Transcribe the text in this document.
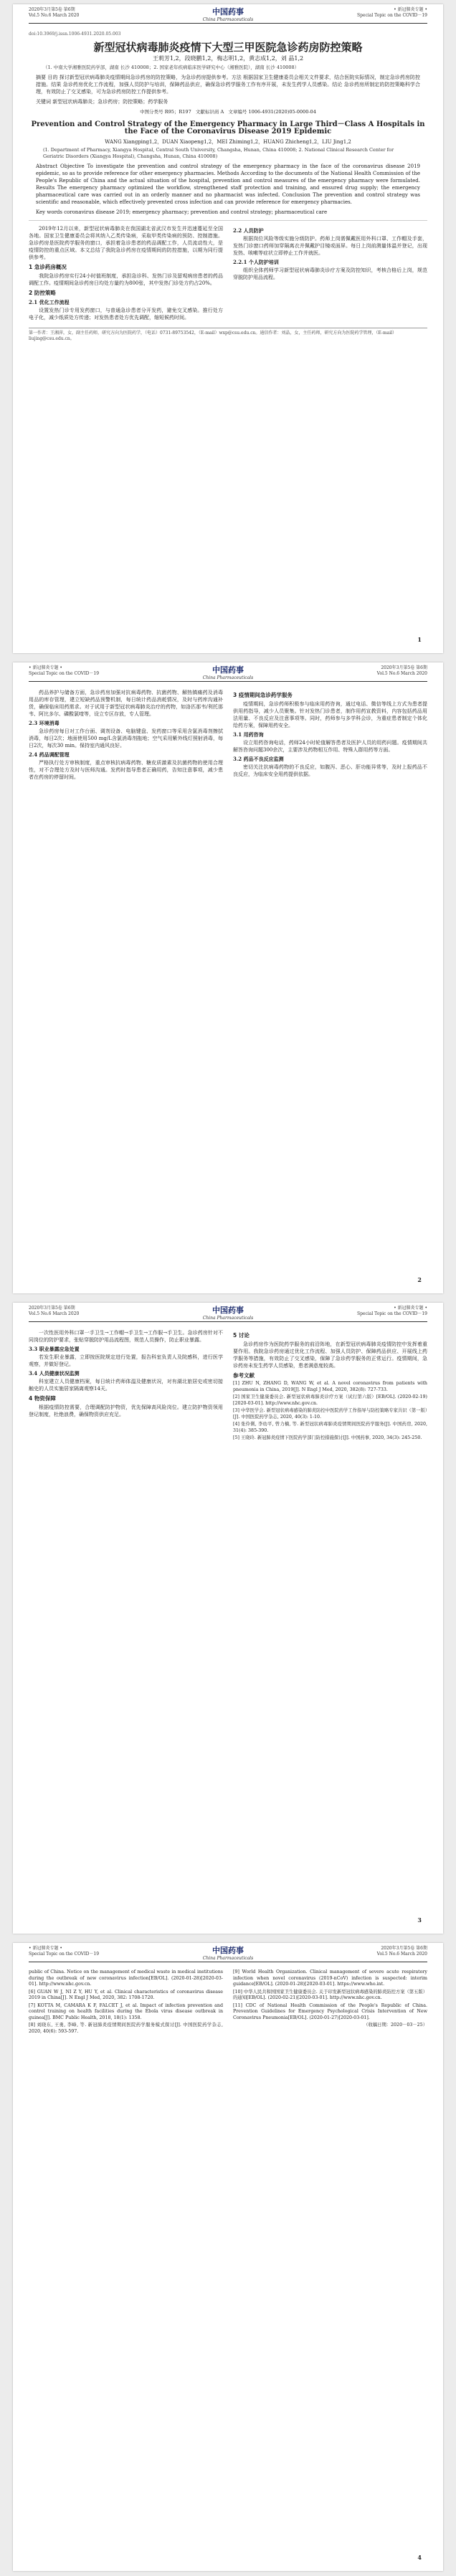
2020年3月第5卷 第6期
Vol.5 No.6 March 2020	中国药事
China Pharmaceuticals
• 新冠肺炎专题 •
Special Topic on the COVID－19
doi:10.3969/j.issn.1006-4931.2020.05.003
新型冠状病毒肺炎疫情下大型三甲医院急诊药房防控策略
王莉芳1,2，段晓鹏1,2，梅志明1,2，黄志成1,2，刘 晶1,2
（1. 中南大学湘雅医院药学部，湖南 长沙 410008；2. 国家老年疾病临床医学研究中心（湘雅医院），湖南 长沙 410008）
摘要 目的 探讨新型冠状病毒肺炎疫情期间急诊药房的防控策略，为急诊药房提供参考。方法 根据国家卫生健康委员会相关文件要求，结合医院实际情况，制定急诊药房防控措施。结果 急诊药房优化工作流程，加强人员防护与培训，保障药品供应，确保急诊药学服务工作有序开展，未发生药学人员感染。结论 急诊药房所制定的防控策略科学合理，有效防止了交叉感染，可为急诊药房防控工作提供参考。
关键词 新型冠状病毒肺炎；急诊药房；防控策略；药学服务
中图分类号 R95；R197 文献标识码 A 文章编号 1006-4931(2020)05-0000-04
Prevention and Control Strategy of the Emergency Pharmacy in Large Third－Class A Hospitals in the Face of the Coronavirus Disease 2019 Epidemic
WANG Xiangping1,2，DUAN Xiaopeng1,2，MEI Zhiming1,2，HUANG Zhicheng1,2，LIU Jing1,2
(1. Department of Pharmacy, Xiangya Hospital, Central South University, Changsha, Hunan, China 410008; 2. National Clinical Research Center for Geriatric Disorders (Xiangya Hospital), Changsha, Hunan, China 410008)
Abstract Objective To investigate the prevention and control strategy of the emergency pharmacy in the face of the coronavirus disease 2019 epidemic, so as to provide reference for other emergency pharmacies. Methods According to the documents of the National Health Commission of the People's Republic of China and the actual situation of the hospital, prevention and control measures of the emergency pharmacy were formulated. Results The emergency pharmacy optimized the workflow, strengthened staff protection and training, and ensured drug supply; the emergency pharmaceutical care was carried out in an orderly manner and no pharmacist was infected. Conclusion The prevention and control strategy was scientific and reasonable, which effectively prevented cross infection and can provide reference for emergency pharmacies.
Key words coronavirus disease 2019; emergency pharmacy; prevention and control strategy; pharmaceutical care

2019年12月以来，新型冠状病毒肺炎在我国湖北省武汉市发生并迅速蔓延至全国各地。国家卫生健康委员会将其纳入乙类传染病，采取甲类传染病的预防、控制措施。急诊药房是医院药学服务的窗口，承担着急诊患者的药品调配工作，人员流动性大，是疫情防控的重点区域。本文总结了我院急诊药房在疫情期间的防控措施，以期为同行提供参考。

1 急诊药房概况

我院急诊药房实行24小时值班制度，承担急诊科、发热门诊及留观病房患者的药品调配工作。疫情期间急诊药房日均处方量约为800张，其中发热门诊处方约占20%。

2 防控策略
2.1 优化工作流程

设置发热门诊专用发药窗口，与普通急诊患者分开发药，避免交叉感染。推行处方电子化，减少纸质处方传递；对发热患者处方优先调配，缩短候药时间。

2.2 人员防护

根据岗位风险等级实施分级防护。药师上岗需佩戴医用外科口罩、工作帽及手套，发热门诊窗口药师加穿隔离衣并佩戴护目镜或面屏。每日上岗前测量体温并登记，出现发热、咳嗽等症状立即停止工作并就医。

2.2.1 个人防护培训

组织全体药师学习新型冠状病毒肺炎诊疗方案及防控知识，考核合格后上岗，规范穿脱防护用品流程。

第一作者：王湘萍，女，副主任药师，研究方向为医院药学，（电话）0731-89753542，（E-mail）wxp@csu.edu.cn。通信作者：刘晶，女，主任药师，研究方向为医院药学管理，（E-mail）liujing@csu.edu.cn。
1
• 新冠肺炎专题 •
Special Topic on the COVID－19	中国药事
China Pharmaceuticals
2020年3月第5卷 第6期
Vol.5 No.6 March 2020

药品养护与储备方面，急诊药房加强对抗病毒药物、抗菌药物、解热镇痛药及消毒用品的库存管理，建立短缺药品预警机制，每日统计药品消耗情况，及时与药库沟通补货，确保临床用药需求。对于试用于新型冠状病毒肺炎治疗的药物，如洛匹那韦/利托那韦、阿比多尔、磷酸氯喹等，设立专区存放，专人管理。

2.3 环境消毒

急诊药房每日对工作台面、调剂设备、电脑键盘、发药窗口等采用含氯消毒剂擦拭消毒，每日2次；地面使用500 mg/L含氯消毒剂拖地；空气采用紫外线灯照射消毒，每日2次，每次30 min。保持室内通风良好。

2.4 药品调配管理

严格执行处方审核制度，重点审核抗病毒药物、糖皮质激素及抗菌药物的使用合理性，对不合理处方及时与医师沟通。发药时指导患者正确用药，告知注意事项，减少患者在药房的停留时间。

3 疫情期间急诊药学服务

疫情期间，急诊药师积极参与临床用药咨询，通过电话、微信等线上方式为患者提供用药指导，减少人员聚集。针对发热门诊患者，制作用药宣教资料，内容包括药品用法用量、不良反应及注意事项等。同时，药师参与多学科会诊，为重症患者制定个体化给药方案，保障用药安全。

3.1 用药咨询

设立用药咨询电话，药师24小时轮值解答患者及医护人员的用药问题。疫情期间共解答咨询问题300余次，主要涉及药物相互作用、特殊人群用药等方面。

3.2 药品不良反应监测

密切关注抗病毒药物的不良反应，如腹泻、恶心、肝功能异常等，及时上报药品不良反应，为临床安全用药提供依据。

2
2020年3月第5卷 第6期
Vol.5 No.6 March 2020	中国药事
China Pharmaceuticals
• 新冠肺炎专题 •
Special Topic on the COVID－19

一次性医用外科口罩一手卫生→工作帽→手卫生→工作服→手卫生。急诊药房针对不同岗位的防护要求，张贴穿脱防护用品流程图，规范人员操作，防止职业暴露。

3.3 职业暴露应急处置

若发生职业暴露，立即按医院规定进行处置，报告科室负责人及院感科，进行医学观察，并做好登记。

3.4 人员健康状况监测

科室建立人员健康档案，每日统计药师体温及健康状况，对有湖北旅居史或密切接触史的人员实施居家隔离观察14天。

4 物资保障

根据疫情防控需要，合理调配防护物资，优先保障高风险岗位。建立防护物资领用登记制度，杜绝浪费，确保物资供应充足。

5 讨论

急诊药房作为医院药学服务的前沿阵地，在新型冠状病毒肺炎疫情防控中发挥着重要作用。我院急诊药房通过优化工作流程、加强人员防护、保障药品供应、开展线上药学服务等措施，有效防止了交叉感染，保障了急诊药学服务的正常运行。疫情期间，急诊药房未发生药学人员感染，患者满意度较高。

参考文献

[1] ZHU N, ZHANG D, WANG W, et al. A novel coronavirus from patients with pneumonia in China, 2019[J]. N Engl J Med, 2020, 382(8): 727-733.

[2] 国家卫生健康委员会. 新型冠状病毒肺炎诊疗方案（试行第六版）[EB/OL]. (2020-02-19)[2020-03-01]. http://www.nhc.gov.cn.

[3] 中华医学会. 新型冠状病毒感染的肺炎防控中医院药学工作指导与防控策略专家共识（第一版）[J]. 中国医院药学杂志, 2020, 40(3): 1-10.

[4] 张伶俐, 李幼平, 曾力楠, 等. 新型冠状病毒肺炎疫情期间医院药学服务[J]. 中国药房, 2020, 31(4): 385-390.

[5] 王晓玲. 新冠肺炎疫情下医院药学部门防控措施探讨[J]. 中国药事, 2020, 34(3): 245-250.

3
• 新冠肺炎专题 •
Special Topic on the COVID－19	中国药事
China Pharmaceuticals
2020年3月第5卷 第6期
Vol.5 No.6 March 2020

public of China. Notice on the management of medical waste in medical institutions during the outbreak of new coronavirus infection[EB/OL]. (2020-01-28)[2020-03-01]. http://www.nhc.gov.cn.

[6] GUAN W J, NI Z Y, HU Y, et al. Clinical characteristics of coronavirus disease 2019 in China[J]. N Engl J Med, 2020, 382: 1708-1720.

[7] KOTTA M, CAMARA K F, FALCET J, et al. Impact of infection prevention and control training on health facilities during the Ebola virus disease outbreak in guinea[J]. BMC Public Health, 2018, 18(1): 1358.

[8] 刘晓东, 王勇, 李峰, 等. 新冠肺炎疫情期间医院药学服务模式探讨[J]. 中国医院药学杂志, 2020, 40(6): 593-597.

[9] World Health Organization. Clinical management of severe acute respiratory infection when novel coronavirus (2019-nCoV) infection is suspected: interim guidance[EB/OL]. (2020-01-28)[2020-03-01]. https://www.who.int.

[10] 中华人民共和国国家卫生健康委员会. 关于印发新型冠状病毒感染的肺炎防控方案（第五版）的通知[EB/OL]. (2020-02-21)[2020-03-01]. http://www.nhc.gov.cn.

[11] CDC of National Health Commission of the People's Republic of China. Prevention Guidelines for Emergency Psychological Crisis Intervention of New Coronavirus Pneumonia[EB/OL]. (2020-01-27)[2020-03-01].

（收稿日期：2020－03－25）

4
